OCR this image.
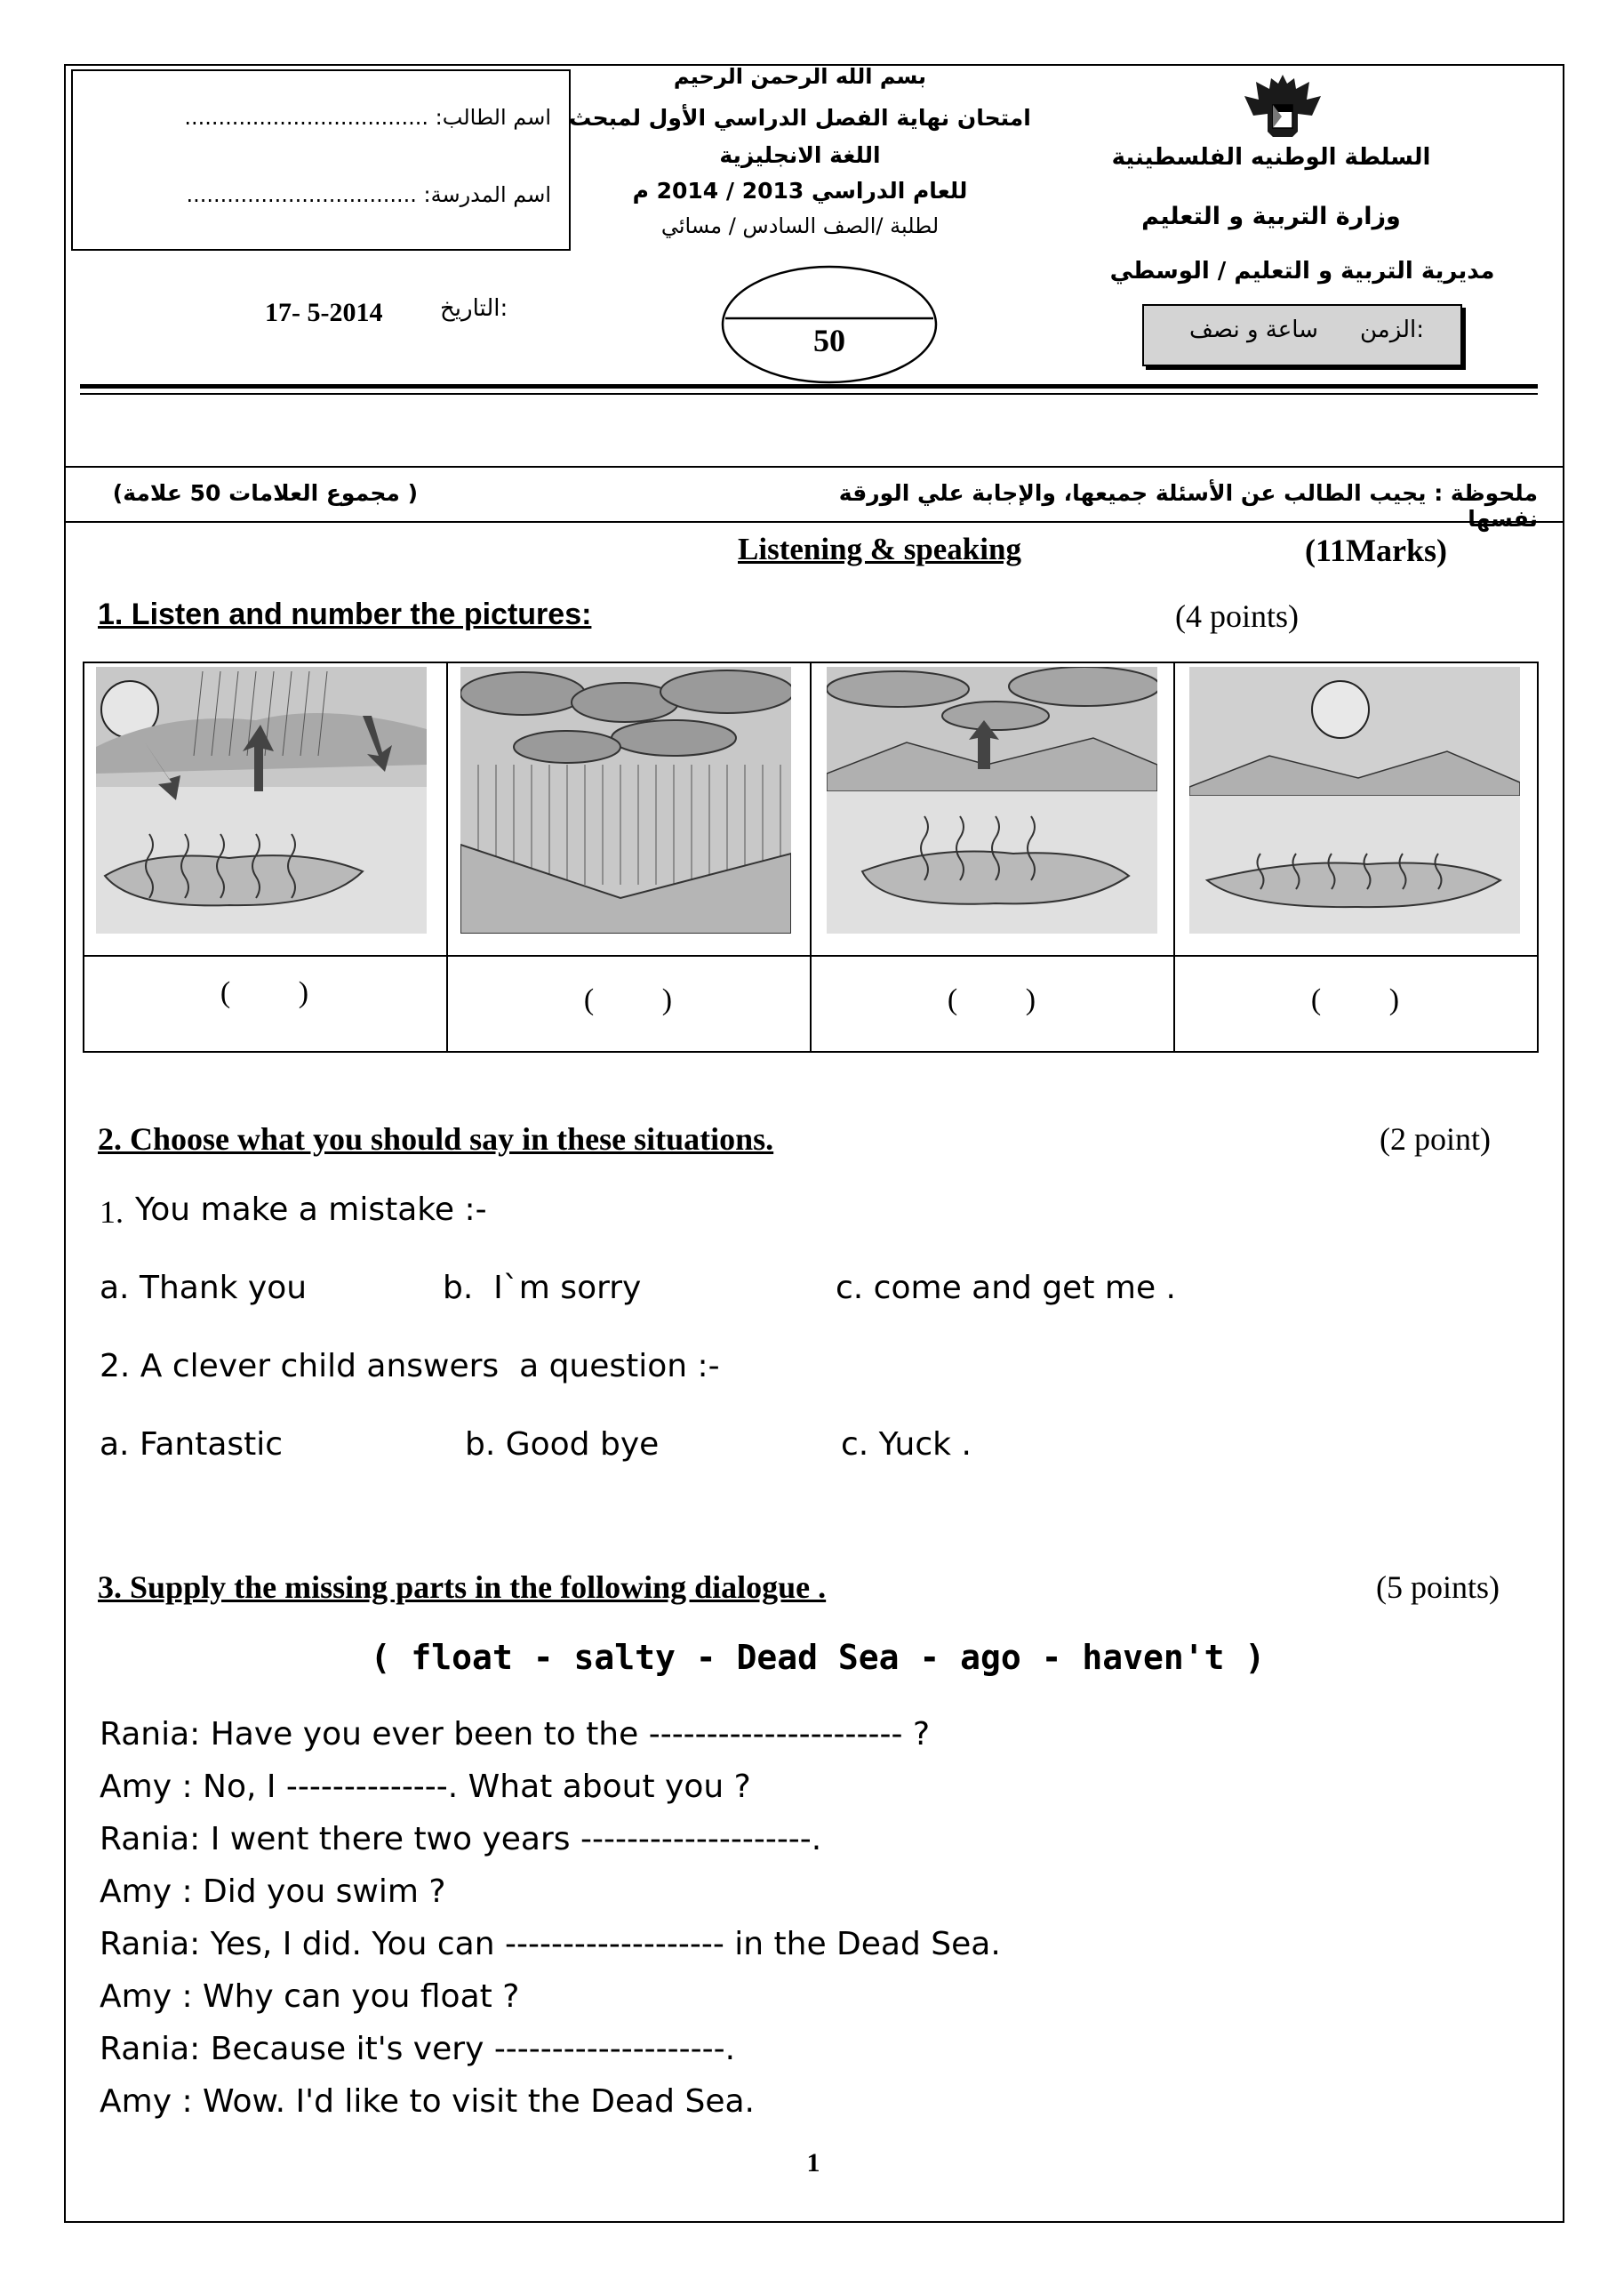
اسم الطالب: ....................................
اسم المدرسة: ..................................
التاريخ:
17- 5-2014
بسم الله الرحمن الرحيم
امتحان نهاية الفصل الدراسي الأول لمبحث
اللغة الانجليزية
للعام الدراسي 2013 / 2014 م
لطلبة /الصف السادس / مسائي
50
السلطة الوطنيه الفلسطينية
وزارة التربية و التعليم
مديرية التربية و التعليم / الوسطي
الزمن:
ساعة و نصف
ملحوظة : يجيب الطالب عن الأسئلة جميعها، والإجابة علي الورقة نفسها
( مجموع العلامات 50 علامة)
Listening & speaking	(11Marks)
1. Listen and number the pictures:	(4 points)
(         )	(         )	(         )	(         )
2. Choose what you should say in these situations.	(2 point)
1. You make a mistake :-
a. Thank you	b.  I`m sorry	c. come and get me .
2. A clever child answers  a question :-
a. Fantastic	b. Good bye	c. Yuck .
3. Supply the missing parts in the following dialogue .	(5 points)
( float - salty - Dead Sea - ago - haven't )
Rania: Have you ever been to the ---------------------- ?
Amy : No, I --------------. What about you ?
Rania: I went there two years --------------------.
Amy : Did you swim ?
Rania: Yes, I did. You can ------------------- in the Dead Sea.
Amy : Why can you float ?
Rania: Because it's very --------------------.
Amy : Wow. I'd like to visit the Dead Sea.
1
